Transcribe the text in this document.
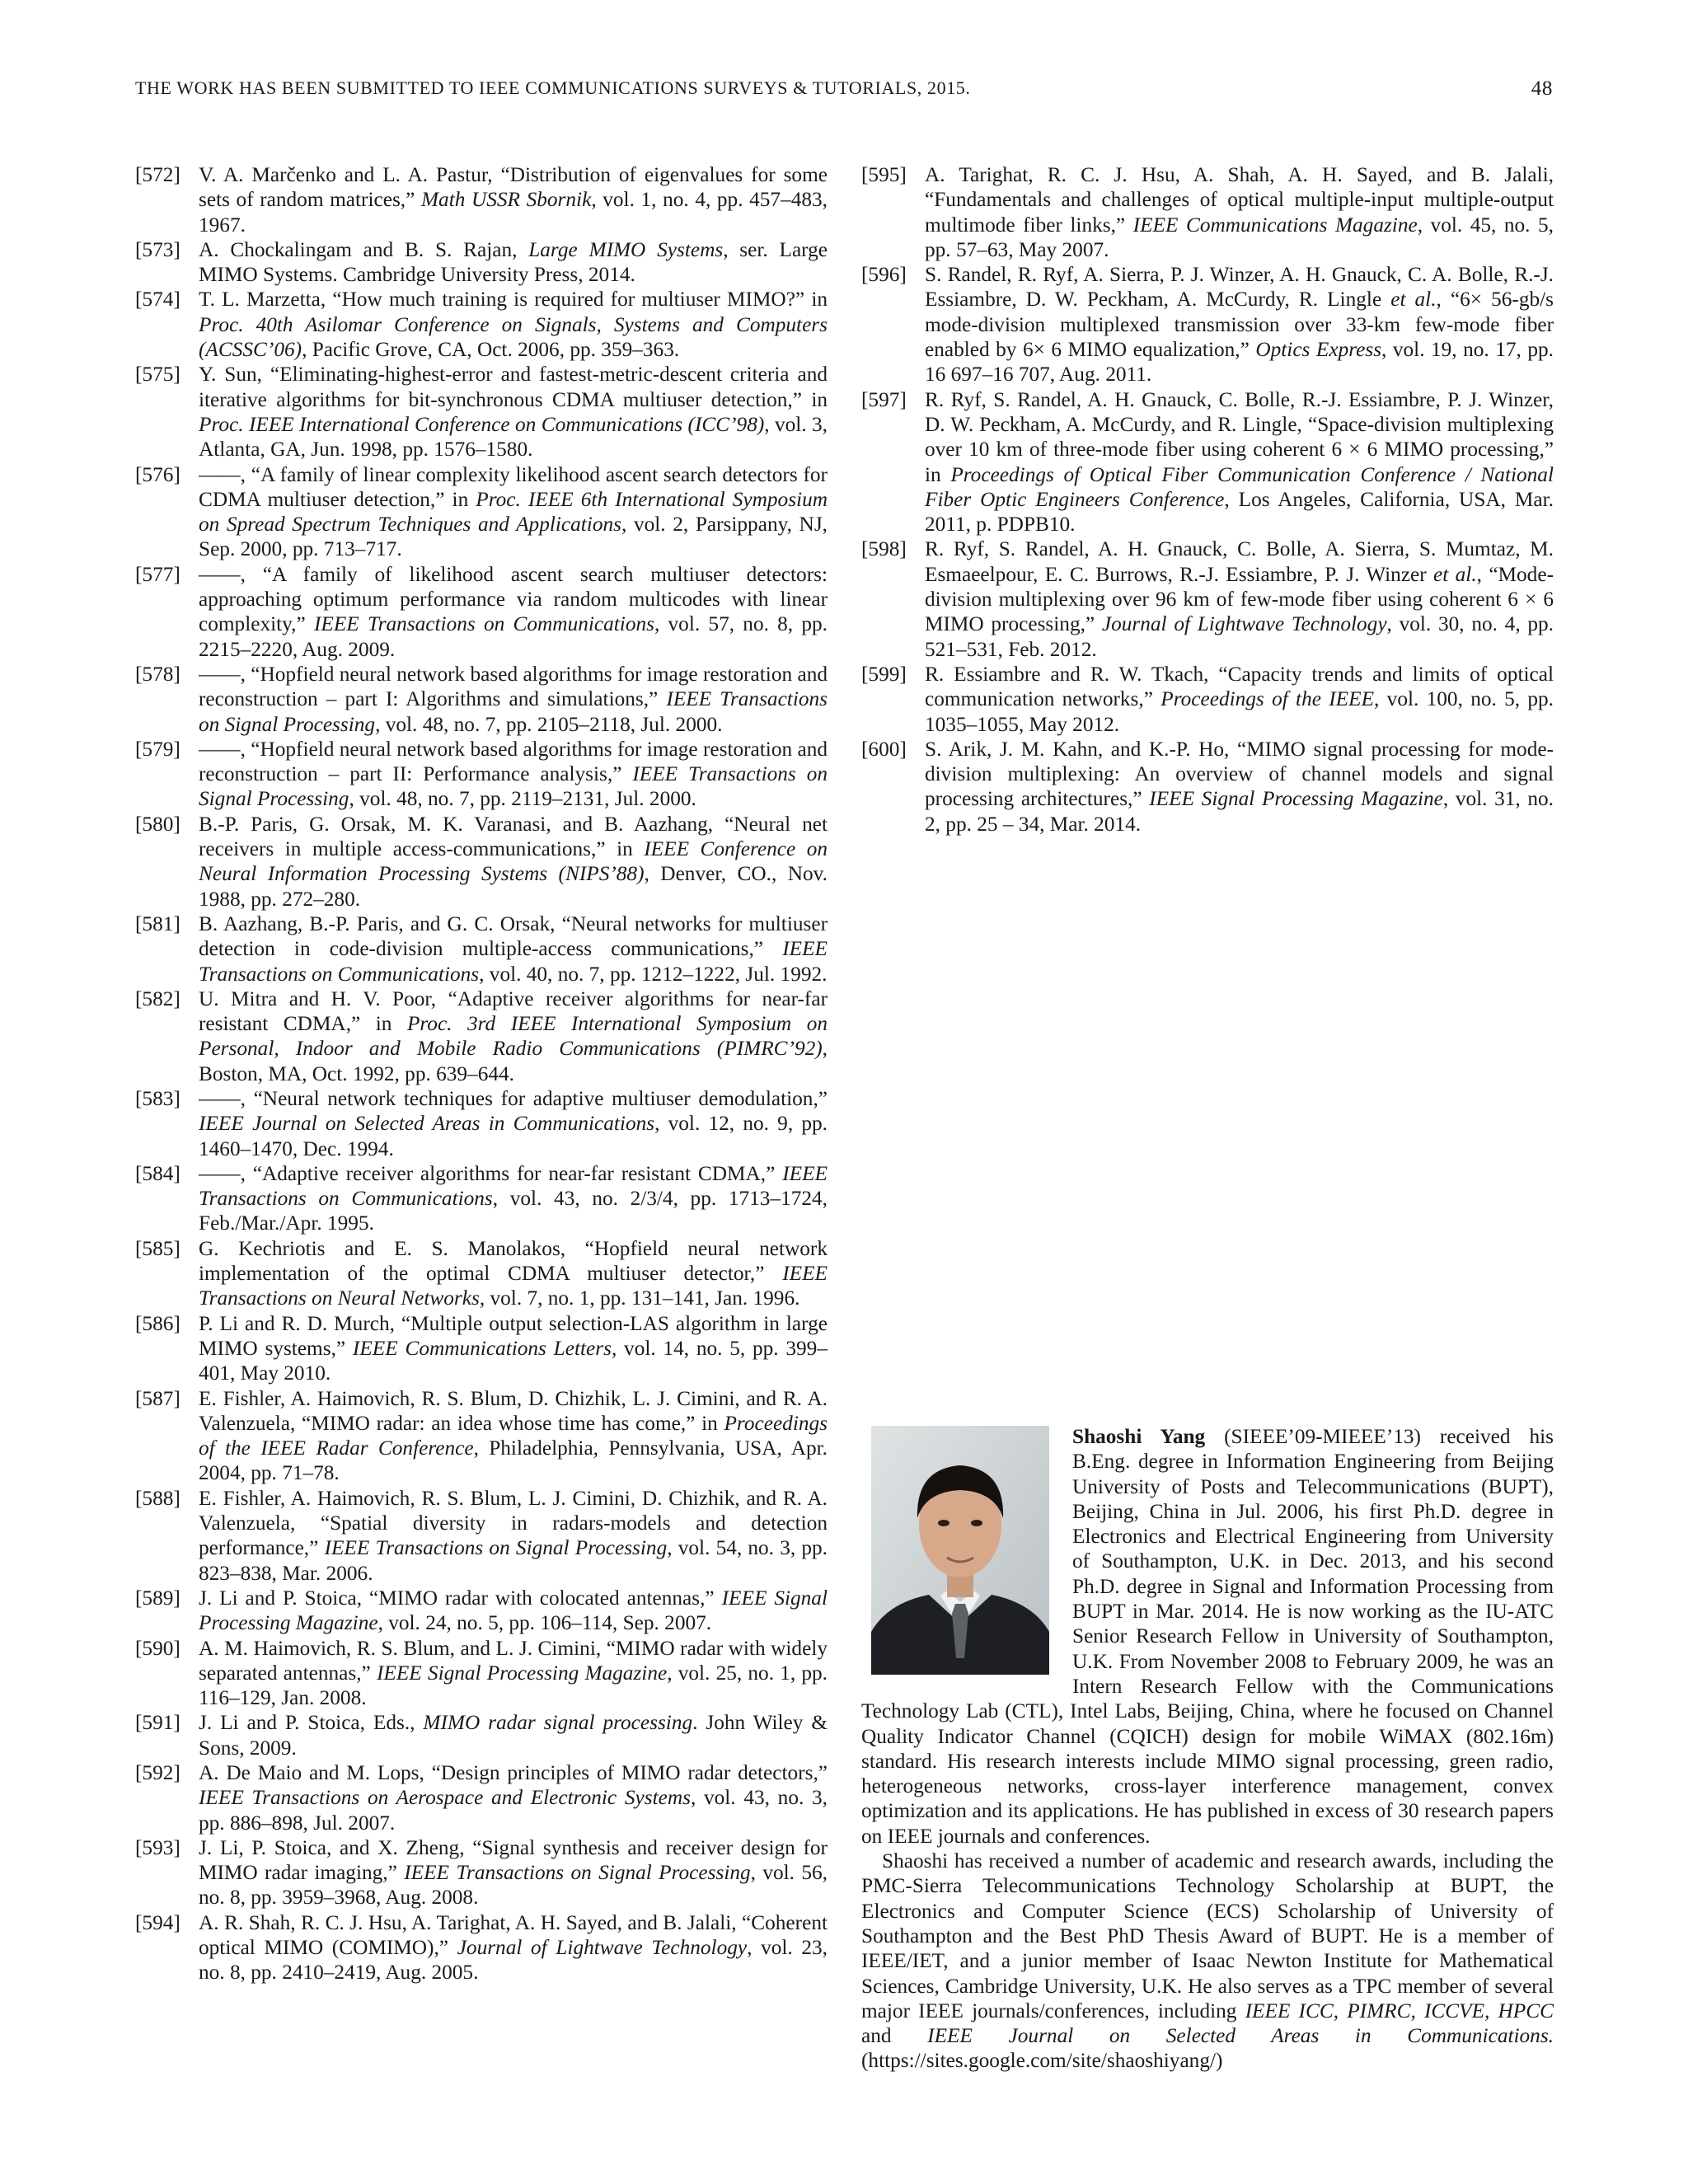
THE WORK HAS BEEN SUBMITTED TO IEEE COMMUNICATIONS SURVEYS & TUTORIALS, 2015.	48

[572] V. A. Marčenko and L. A. Pastur, “Distribution of eigenvalues for some sets of random matrices,” Math USSR Sbornik, vol. 1, no. 4, pp. 457–483, 1967.

[573] A. Chockalingam and B. S. Rajan, Large MIMO Systems, ser. Large MIMO Systems. Cambridge University Press, 2014.

[574] T. L. Marzetta, “How much training is required for multiuser MIMO?” in Proc. 40th Asilomar Conference on Signals, Systems and Computers (ACSSC’06), Pacific Grove, CA, Oct. 2006, pp. 359–363.

[575] Y. Sun, “Eliminating-highest-error and fastest-metric-descent criteria and iterative algorithms for bit-synchronous CDMA multiuser detection,” in Proc. IEEE International Conference on Communications (ICC’98), vol. 3, Atlanta, GA, Jun. 1998, pp. 1576–1580.

[576] ——, “A family of linear complexity likelihood ascent search detectors for CDMA multiuser detection,” in Proc. IEEE 6th International Symposium on Spread Spectrum Techniques and Applications, vol. 2, Parsippany, NJ, Sep. 2000, pp. 713–717.

[577] ——, “A family of likelihood ascent search multiuser detectors: approaching optimum performance via random multicodes with linear complexity,” IEEE Transactions on Communications, vol. 57, no. 8, pp. 2215–2220, Aug. 2009.

[578] ——, “Hopfield neural network based algorithms for image restoration and reconstruction – part I: Algorithms and simulations,” IEEE Transactions on Signal Processing, vol. 48, no. 7, pp. 2105–2118, Jul. 2000.

[579] ——, “Hopfield neural network based algorithms for image restoration and reconstruction – part II: Performance analysis,” IEEE Transactions on Signal Processing, vol. 48, no. 7, pp. 2119–2131, Jul. 2000.

[580] B.-P. Paris, G. Orsak, M. K. Varanasi, and B. Aazhang, “Neural net receivers in multiple access-communications,” in IEEE Conference on Neural Information Processing Systems (NIPS’88), Denver, CO., Nov. 1988, pp. 272–280.

[581] B. Aazhang, B.-P. Paris, and G. C. Orsak, “Neural networks for multiuser detection in code-division multiple-access communications,” IEEE Transactions on Communications, vol. 40, no. 7, pp. 1212–1222, Jul. 1992.

[582] U. Mitra and H. V. Poor, “Adaptive receiver algorithms for near-far resistant CDMA,” in Proc. 3rd IEEE International Symposium on Personal, Indoor and Mobile Radio Communications (PIMRC’92), Boston, MA, Oct. 1992, pp. 639–644.

[583] ——, “Neural network techniques for adaptive multiuser demodulation,” IEEE Journal on Selected Areas in Communications, vol. 12, no. 9, pp. 1460–1470, Dec. 1994.

[584] ——, “Adaptive receiver algorithms for near-far resistant CDMA,” IEEE Transactions on Communications, vol. 43, no. 2/3/4, pp. 1713–1724, Feb./Mar./Apr. 1995.

[585] G. Kechriotis and E. S. Manolakos, “Hopfield neural network implementation of the optimal CDMA multiuser detector,” IEEE Transactions on Neural Networks, vol. 7, no. 1, pp. 131–141, Jan. 1996.

[586] P. Li and R. D. Murch, “Multiple output selection-LAS algorithm in large MIMO systems,” IEEE Communications Letters, vol. 14, no. 5, pp. 399–401, May 2010.

[587] E. Fishler, A. Haimovich, R. S. Blum, D. Chizhik, L. J. Cimini, and R. A. Valenzuela, “MIMO radar: an idea whose time has come,” in Proceedings of the IEEE Radar Conference, Philadelphia, Pennsylvania, USA, Apr. 2004, pp. 71–78.

[588] E. Fishler, A. Haimovich, R. S. Blum, L. J. Cimini, D. Chizhik, and R. A. Valenzuela, “Spatial diversity in radars-models and detection performance,” IEEE Transactions on Signal Processing, vol. 54, no. 3, pp. 823–838, Mar. 2006.

[589] J. Li and P. Stoica, “MIMO radar with colocated antennas,” IEEE Signal Processing Magazine, vol. 24, no. 5, pp. 106–114, Sep. 2007.

[590] A. M. Haimovich, R. S. Blum, and L. J. Cimini, “MIMO radar with widely separated antennas,” IEEE Signal Processing Magazine, vol. 25, no. 1, pp. 116–129, Jan. 2008.

[591] J. Li and P. Stoica, Eds., MIMO radar signal processing. John Wiley & Sons, 2009.

[592] A. De Maio and M. Lops, “Design principles of MIMO radar detectors,” IEEE Transactions on Aerospace and Electronic Systems, vol. 43, no. 3, pp. 886–898, Jul. 2007.

[593] J. Li, P. Stoica, and X. Zheng, “Signal synthesis and receiver design for MIMO radar imaging,” IEEE Transactions on Signal Processing, vol. 56, no. 8, pp. 3959–3968, Aug. 2008.

[594] A. R. Shah, R. C. J. Hsu, A. Tarighat, A. H. Sayed, and B. Jalali, “Coherent optical MIMO (COMIMO),” Journal of Lightwave Technology, vol. 23, no. 8, pp. 2410–2419, Aug. 2005.

[595] A. Tarighat, R. C. J. Hsu, A. Shah, A. H. Sayed, and B. Jalali, “Fundamentals and challenges of optical multiple-input multiple-output multimode fiber links,” IEEE Communications Magazine, vol. 45, no. 5, pp. 57–63, May 2007.

[596] S. Randel, R. Ryf, A. Sierra, P. J. Winzer, A. H. Gnauck, C. A. Bolle, R.-J. Essiambre, D. W. Peckham, A. McCurdy, R. Lingle et al., “6× 56-gb/s mode-division multiplexed transmission over 33-km few-mode fiber enabled by 6× 6 MIMO equalization,” Optics Express, vol. 19, no. 17, pp. 16 697–16 707, Aug. 2011.

[597] R. Ryf, S. Randel, A. H. Gnauck, C. Bolle, R.-J. Essiambre, P. J. Winzer, D. W. Peckham, A. McCurdy, and R. Lingle, “Space-division multiplexing over 10 km of three-mode fiber using coherent 6 × 6 MIMO processing,” in Proceedings of Optical Fiber Communication Conference / National Fiber Optic Engineers Conference, Los Angeles, California, USA, Mar. 2011, p. PDPB10.

[598] R. Ryf, S. Randel, A. H. Gnauck, C. Bolle, A. Sierra, S. Mumtaz, M. Esmaeelpour, E. C. Burrows, R.-J. Essiambre, P. J. Winzer et al., “Mode-division multiplexing over 96 km of few-mode fiber using coherent 6 × 6 MIMO processing,” Journal of Lightwave Technology, vol. 30, no. 4, pp. 521–531, Feb. 2012.

[599] R. Essiambre and R. W. Tkach, “Capacity trends and limits of optical communication networks,” Proceedings of the IEEE, vol. 100, no. 5, pp. 1035–1055, May 2012.

[600] S. Arik, J. M. Kahn, and K.-P. Ho, “MIMO signal processing for mode-division multiplexing: An overview of channel models and signal processing architectures,” IEEE Signal Processing Magazine, vol. 31, no. 2, pp. 25 – 34, Mar. 2014.

Shaoshi Yang (SIEEE’09-MIEEE’13) received his B.Eng. degree in Information Engineering from Beijing University of Posts and Telecommunications (BUPT), Beijing, China in Jul. 2006, his first Ph.D. degree in Electronics and Electrical Engineering from University of Southampton, U.K. in Dec. 2013, and his second Ph.D. degree in Signal and Information Processing from BUPT in Mar. 2014. He is now working as the IU-ATC Senior Research Fellow in University of Southampton, U.K. From November 2008 to February 2009, he was an Intern Research Fellow with the Communications Technology Lab (CTL), Intel Labs, Beijing, China, where he focused on Channel Quality Indicator Channel (CQICH) design for mobile WiMAX (802.16m) standard. His research interests include MIMO signal processing, green radio, heterogeneous networks, cross-layer interference management, convex optimization and its applications. He has published in excess of 30 research papers on IEEE journals and conferences.

Shaoshi has received a number of academic and research awards, including the PMC-Sierra Telecommunications Technology Scholarship at BUPT, the Electronics and Computer Science (ECS) Scholarship of University of Southampton and the Best PhD Thesis Award of BUPT. He is a member of IEEE/IET, and a junior member of Isaac Newton Institute for Mathematical Sciences, Cambridge University, U.K. He also serves as a TPC member of several major IEEE journals/conferences, including IEEE ICC, PIMRC, ICCVE, HPCC and IEEE Journal on Selected Areas in Communications. (https://sites.google.com/site/shaoshiyang/)
